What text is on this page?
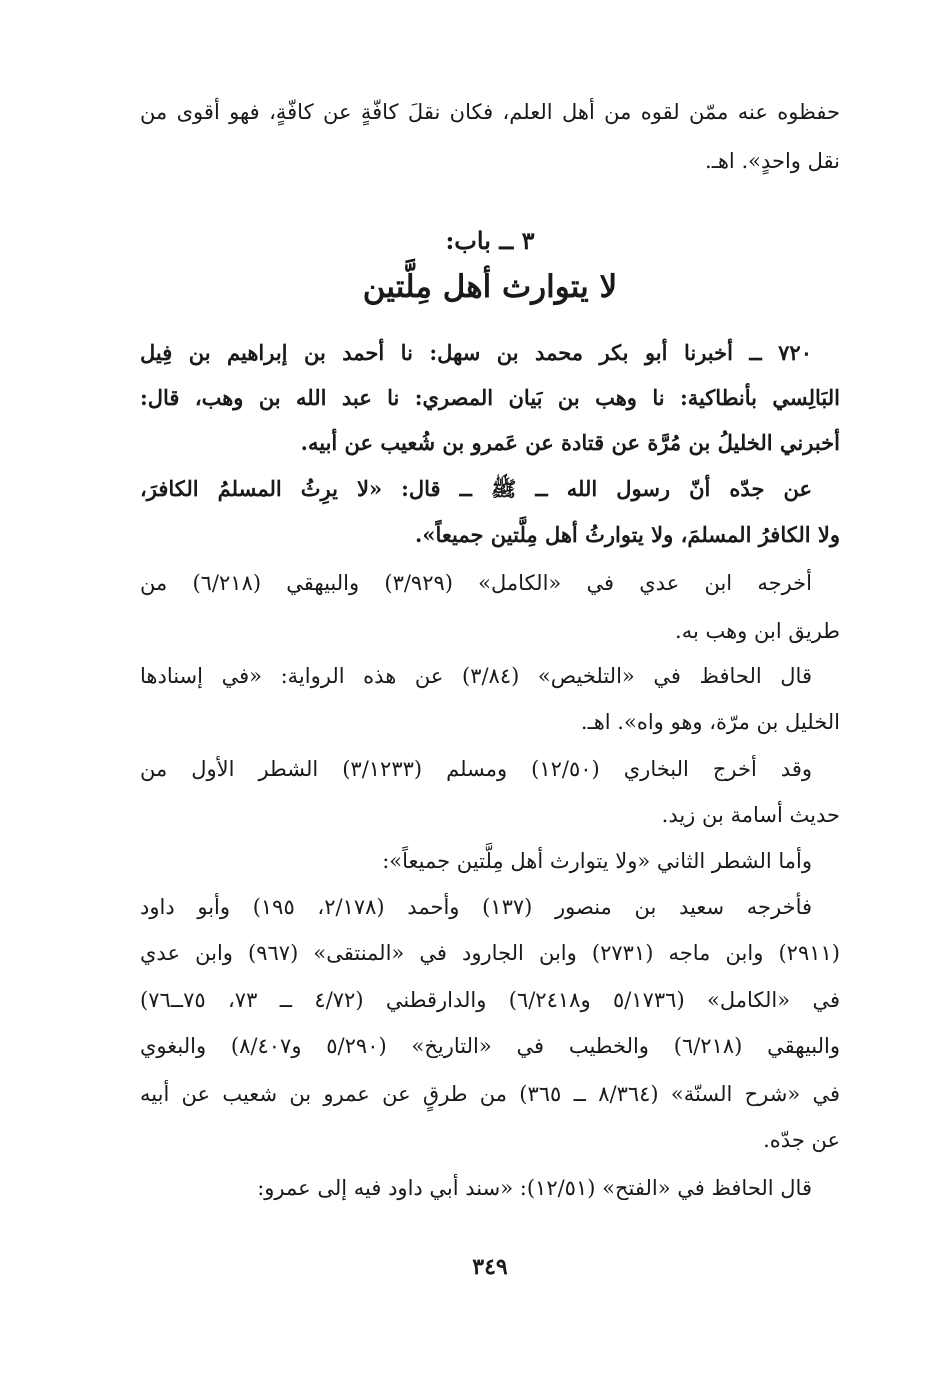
حفظوه عنه ممّن لقوه من أهل العلم، فكان نقلَ كافّةٍ عن كافّةٍ، فهو أقوى من
نقل واحدٍ». اهـ.
٣ ــ باب:
لا يتوارث أهل مِلَّتين
٧٢٠ ــ أخبرنا أبو بكر محمد بن سهل: نا أحمد بن إبراهيم بن فِيل
البَالِسي بأنطاكية: نا وهب بن بَيان المصري: نا عبد الله بن وهب، قال:
أخبرني الخليلُ بن مُرَّة عن قتادة عن عَمرو بن شُعيب عن أبيه.
عن جدّه أنّ رسول الله ــ ﷺ ــ قال: «لا يرِثُ المسلمُ الكافرَ،
ولا الكافرُ المسلمَ، ولا يتوارثُ أهل مِلَّتين جميعاً».
أخرجه ابن عدي في «الكامل» (٣/٩٢٩) والبيهقي (٦/٢١٨) من
طريق ابن وهب به.
قال الحافظ في «التلخيص» (٣/٨٤) عن هذه الرواية: «في إسنادها
الخليل بن مرّة، وهو واه». اهـ.
وقد أخرج البخاري (١٢/٥٠) ومسلم (٣/١٢٣٣) الشطر الأول من
حديث أسامة بن زيد.
وأما الشطر الثاني «ولا يتوارث أهل مِلَّتين جميعاً»:
فأخرجه سعيد بن منصور (١٣٧) وأحمد (٢/١٧٨، ١٩٥) وأبو داود
(٢٩١١) وابن ماجه (٢٧٣١) وابن الجارود في «المنتقى» (٩٦٧) وابن عدي
في «الكامل» (٥/١٧٣٦ و٦/٢٤١٨) والدارقطني (٤/٧٢ ــ ٧٣، ٧٥ــ٧٦)
والبيهقي (٦/٢١٨) والخطيب في «التاريخ» (٥/٢٩٠ و٨/٤٠٧) والبغوي
في «شرح السنّة» (٨/٣٦٤ ــ ٣٦٥) من طرقٍ عن عمرو بن شعيب عن أبيه
عن جدّه.
قال الحافظ في «الفتح» (١٢/٥١): «سند أبي داود فيه إلى عمرو:
٣٤٩
